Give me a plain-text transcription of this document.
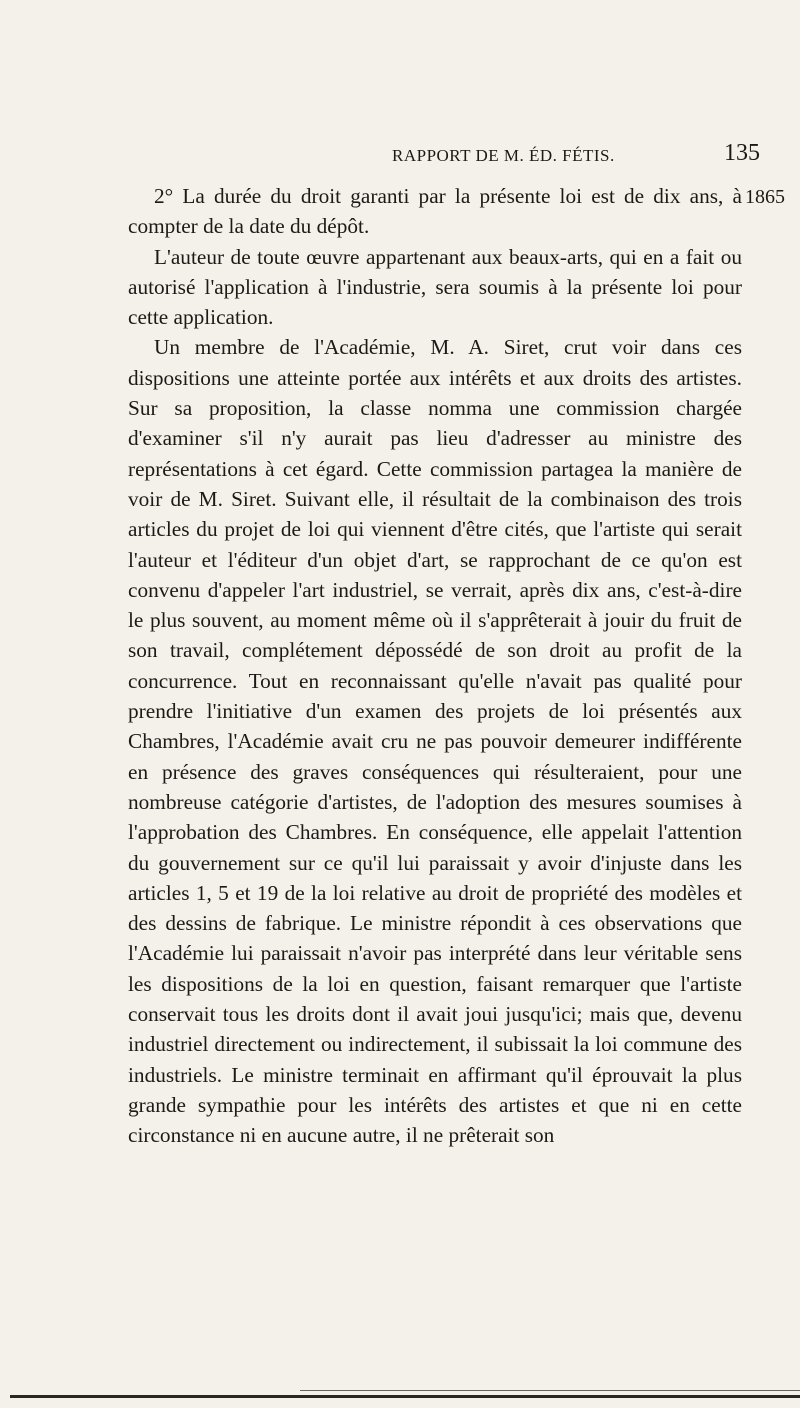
RAPPORT DE M. ÉD. FÉTIS.	135
1865

2° La durée du droit garanti par la présente loi est de dix ans, à compter de la date du dépôt.

L'auteur de toute œuvre appartenant aux beaux-arts, qui en a fait ou autorisé l'application à l'industrie, sera soumis à la présente loi pour cette application.

Un membre de l'Académie, M. A. Siret, crut voir dans ces dispositions une atteinte portée aux intérêts et aux droits des artistes. Sur sa proposition, la classe nomma une commission chargée d'examiner s'il n'y aurait pas lieu d'adresser au ministre des représentations à cet égard. Cette commission partagea la manière de voir de M. Siret. Suivant elle, il résultait de la combinaison des trois articles du projet de loi qui viennent d'être cités, que l'artiste qui serait l'auteur et l'éditeur d'un objet d'art, se rapprochant de ce qu'on est convenu d'appeler l'art industriel, se verrait, après dix ans, c'est-à-dire le plus souvent, au moment même où il s'apprêterait à jouir du fruit de son travail, complétement dépossédé de son droit au profit de la concurrence. Tout en reconnaissant qu'elle n'avait pas qualité pour prendre l'initiative d'un examen des projets de loi présentés aux Chambres, l'Académie avait cru ne pas pouvoir demeurer indifférente en présence des graves conséquences qui résulteraient, pour une nombreuse catégorie d'artistes, de l'adoption des mesures soumises à l'approbation des Chambres. En conséquence, elle appelait l'attention du gouvernement sur ce qu'il lui paraissait y avoir d'injuste dans les articles 1, 5 et 19 de la loi relative au droit de propriété des modèles et des dessins de fabrique. Le ministre répondit à ces observations que l'Académie lui paraissait n'avoir pas interprété dans leur véritable sens les dispositions de la loi en question, faisant remarquer que l'artiste conservait tous les droits dont il avait joui jusqu'ici; mais que, devenu industriel directement ou indirectement, il subissait la loi commune des industriels. Le ministre terminait en affirmant qu'il éprouvait la plus grande sympathie pour les intérêts des artistes et que ni en cette circonstance ni en aucune autre, il ne prêterait son
